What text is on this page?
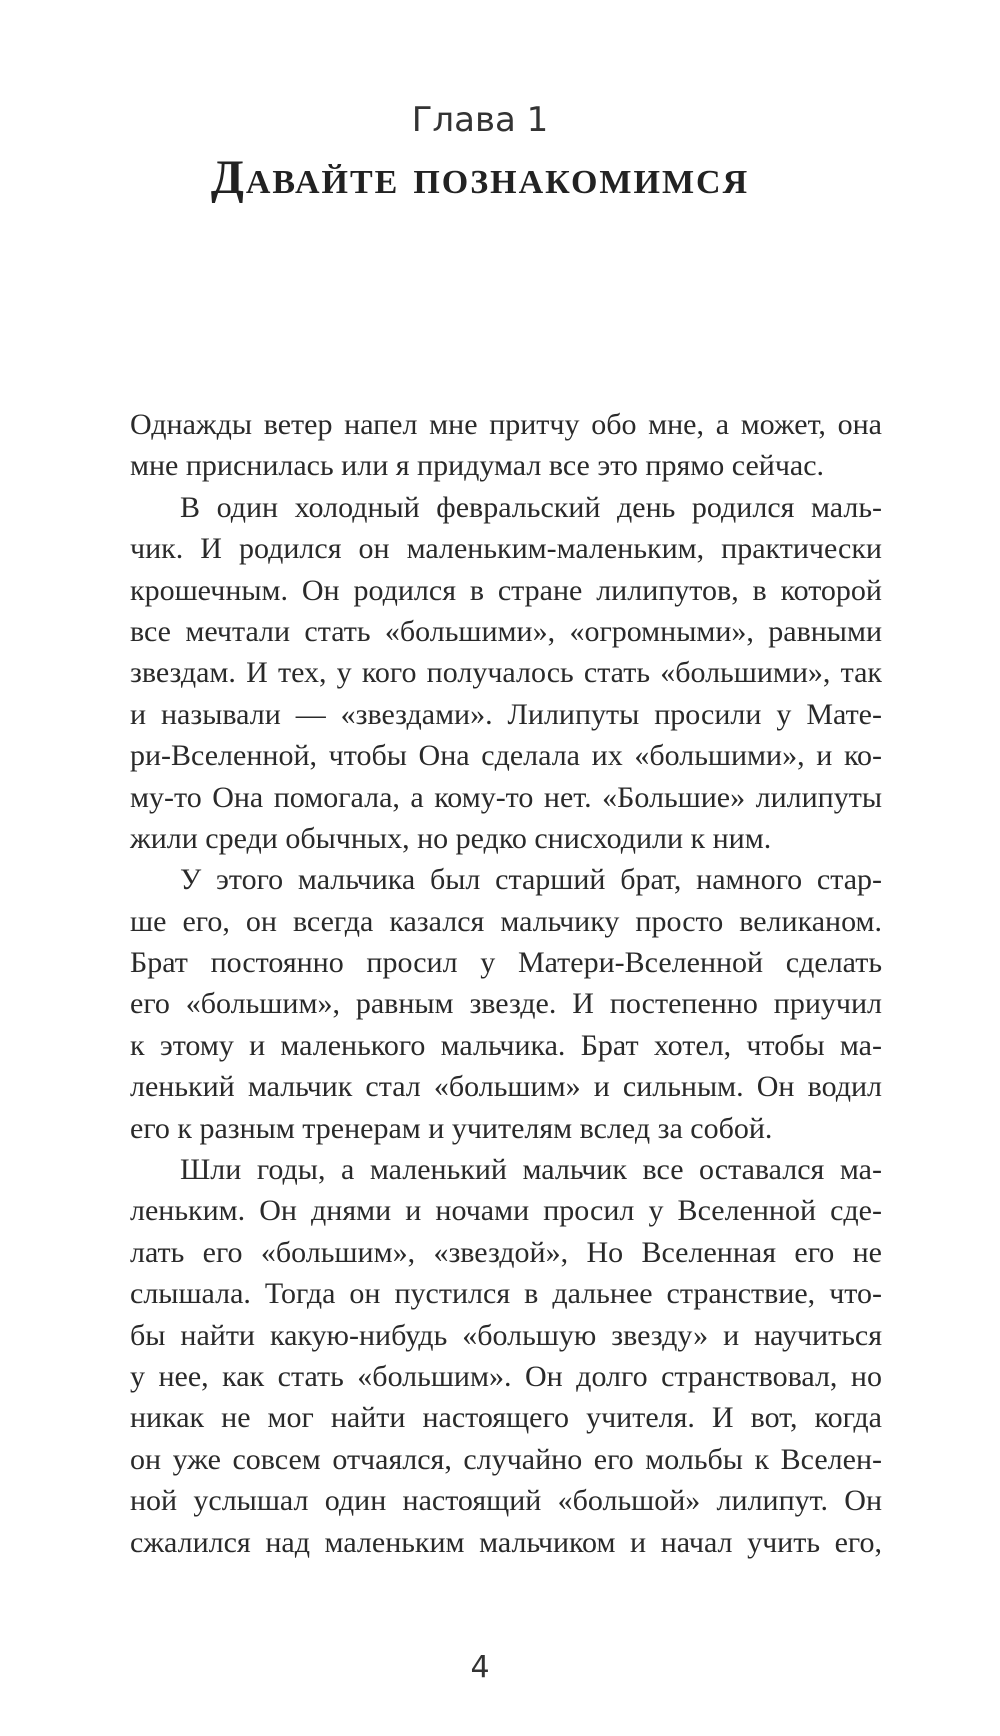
Глава 1
Давайте познакомимся
Однажды ветер напел мне притчу обо мне, а может, она
мне приснилась или я придумал все это прямо сейчас.
В один холодный февральский день родился маль-
чик. И родился он маленьким-маленьким, практически
крошечным. Он родился в стране лилипутов, в которой
все мечтали стать «большими», «огромными», равными
звездам. И тех, у кого получалось стать «большими», так
и называли — «звездами». Лилипуты просили у Мате-
ри-Вселенной, чтобы Она сделала их «большими», и ко-
му-то Она помогала, а кому-то нет. «Большие» лилипуты
жили среди обычных, но редко снисходили к ним.
У этого мальчика был старший брат, намного стар-
ше его, он всегда казался мальчику просто великаном.
Брат постоянно просил у Матери-Вселенной сделать
его «большим», равным звезде. И постепенно приучил
к этому и маленького мальчика. Брат хотел, чтобы ма-
ленький мальчик стал «большим» и сильным. Он водил
его к разным тренерам и учителям вслед за собой.
Шли годы, а маленький мальчик все оставался ма-
леньким. Он днями и ночами просил у Вселенной сде-
лать его «большим», «звездой», Но Вселенная его не
слышала. Тогда он пустился в дальнее странствие, что-
бы найти какую-нибудь «большую звезду» и научиться
у нее, как стать «большим». Он долго странствовал, но
никак не мог найти настоящего учителя. И вот, когда
он уже совсем отчаялся, случайно его мольбы к Вселен-
ной услышал один настоящий «большой» лилипут. Он
сжалился над маленьким мальчиком и начал учить его,
4
